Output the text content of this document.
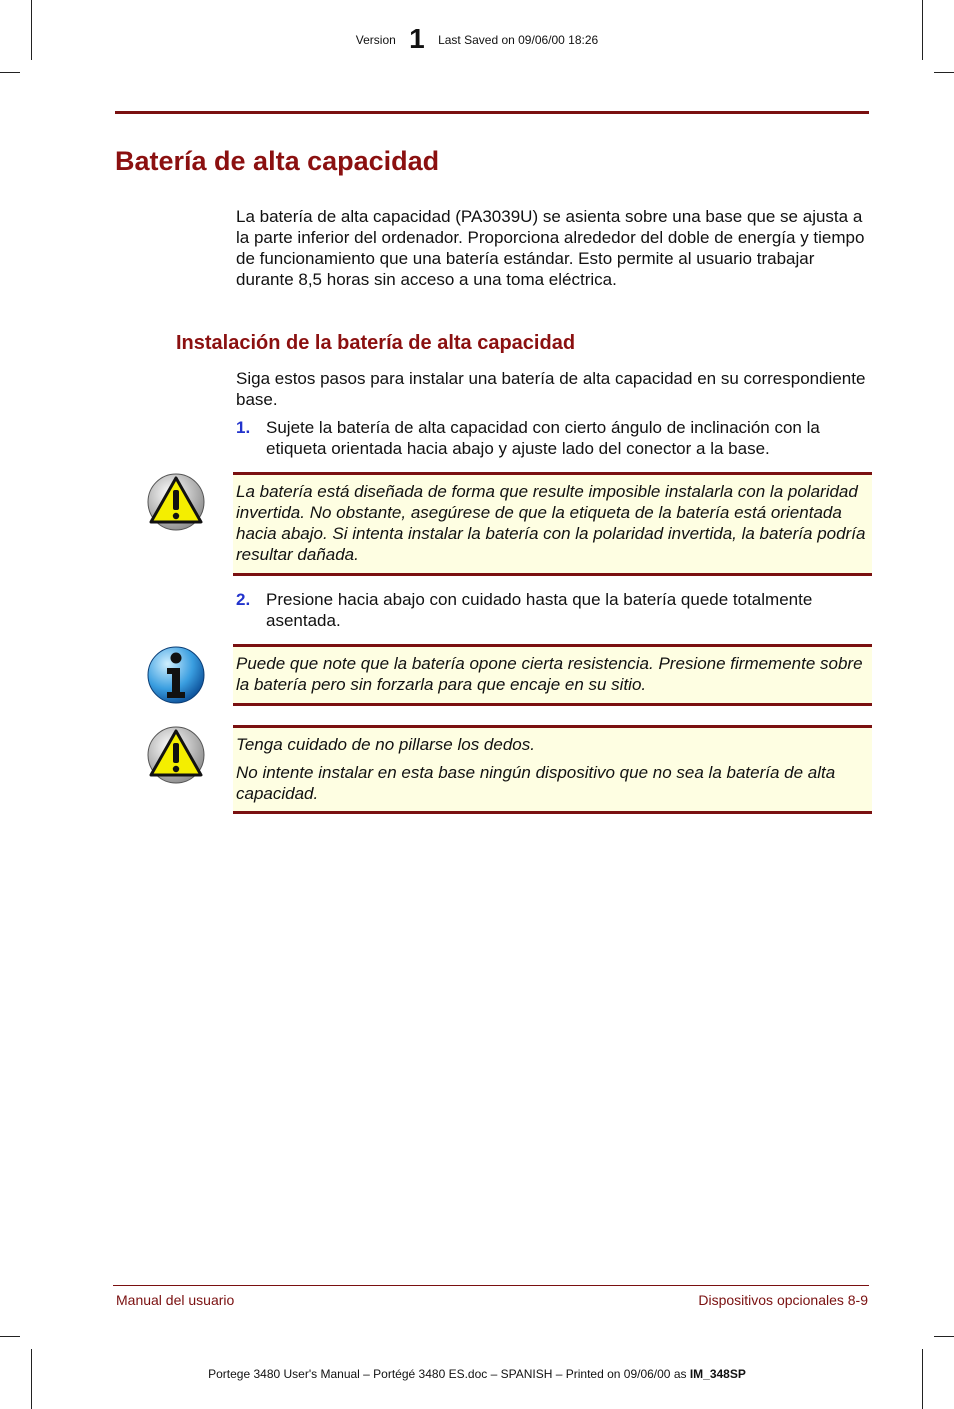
Version 1 Last Saved on 09/06/00 18:26
Batería de alta capacidad

La batería de alta capacidad (PA3039U) se asienta sobre una base que se ajusta a la parte inferior del ordenador. Proporciona alrededor del doble de energía y tiempo de funcionamiento que una batería estándar. Esto permite al usuario trabajar durante 8,5 horas sin acceso a una toma eléctrica.

Instalación de la batería de alta capacidad

Siga estos pasos para instalar una batería de alta capacidad en su correspondiente base.

1. Sujete la batería de alta capacidad con cierto ángulo de inclinación con la etiqueta orientada hacia abajo y ajuste lado del conector a la base.

La batería está diseñada de forma que resulte imposible instalarla con la polaridad invertida. No obstante, asegúrese de que la etiqueta de la batería está orientada hacia abajo. Si intenta instalar la batería con la polaridad invertida, la batería podría resultar dañada.

2. Presione hacia abajo con cuidado hasta que la batería quede totalmente asentada.

Puede que note que la batería opone cierta resistencia. Presione firmemente sobre la batería pero sin forzarla para que encaje en su sitio.

Tenga cuidado de no pillarse los dedos.

No intente instalar en esta base ningún dispositivo que no sea la batería de alta capacidad.

Manual del usuario	Dispositivos opcionales 8-9
Portege 3480 User's Manual – Portégé 3480 ES.doc – SPANISH – Printed on 09/06/00 as IM_348SP
